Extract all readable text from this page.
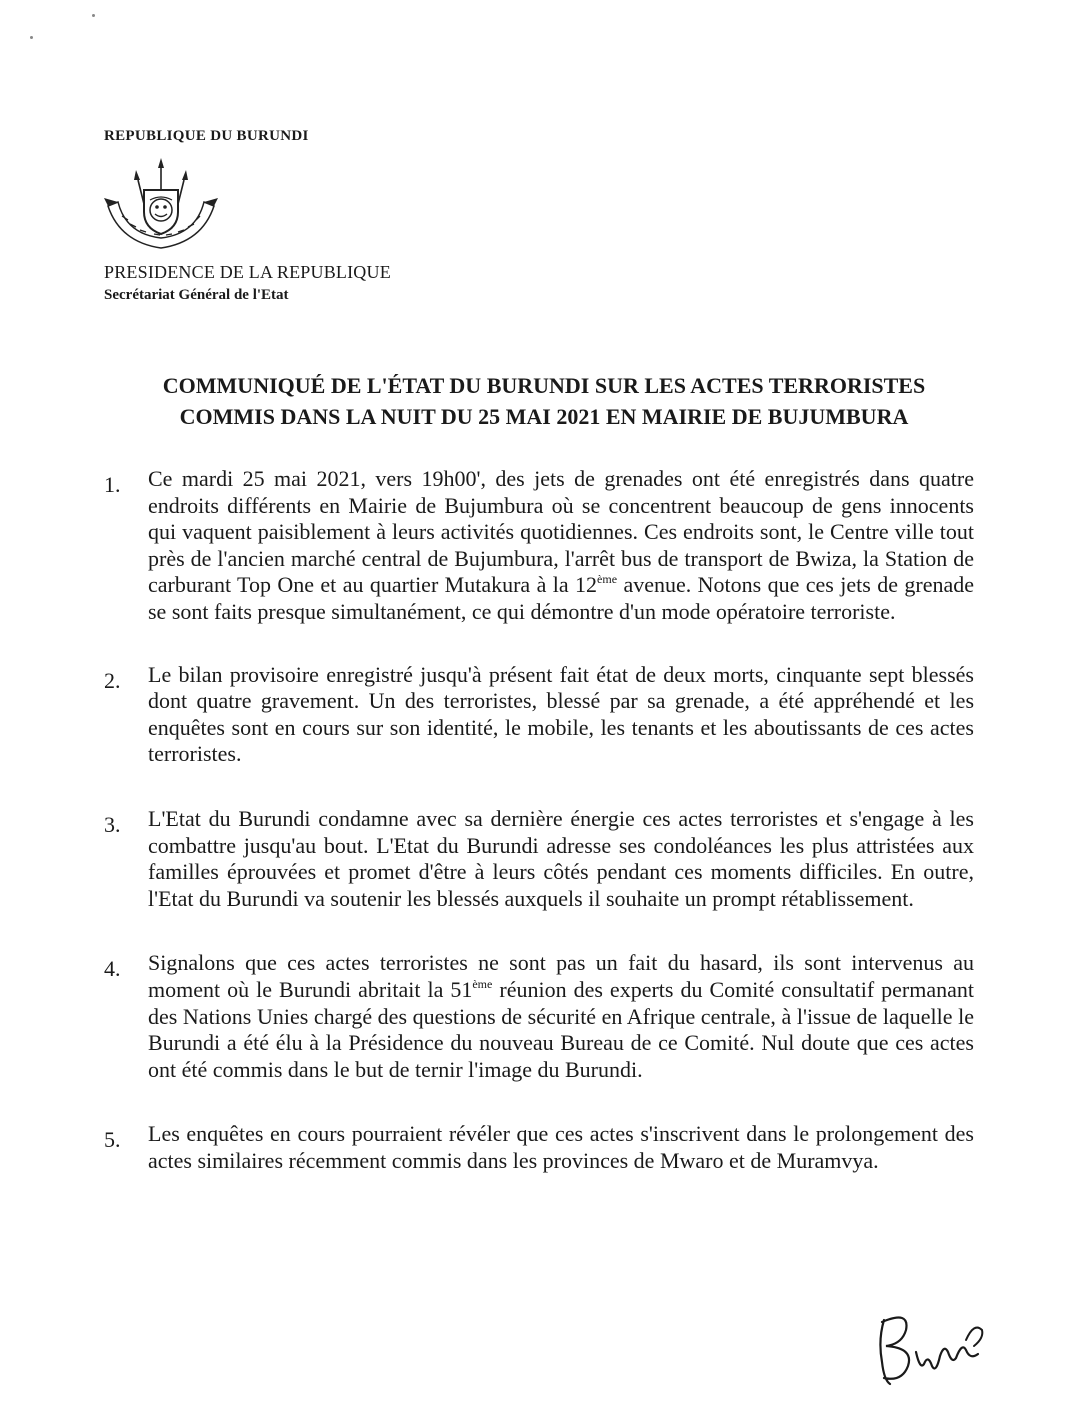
REPUBLIQUE DU BURUNDI
PRESIDENCE DE LA REPUBLIQUE
Secrétariat Général de l'Etat
COMMUNIQUÉ DE L'ÉTAT DU BURUNDI SUR LES ACTES TERRORISTES
COMMIS DANS LA NUIT DU 25 MAI 2021 EN MAIRIE DE BUJUMBURA
1.	Ce mardi 25 mai 2021, vers 19h00', des jets de grenades ont été enregistrés dans quatre endroits différents en Mairie de Bujumbura où se concentrent beaucoup de gens innocents qui vaquent paisiblement à leurs activités quotidiennes. Ces endroits sont, le Centre ville tout près de l'ancien marché central de Bujumbura, l'arrêt bus de transport de Bwiza, la Station de carburant Top One et au quartier Mutakura à la 12ème avenue. Notons que ces jets de grenade se sont faits presque simultanément, ce qui démontre d'un mode opératoire terroriste.
2.	Le bilan provisoire enregistré jusqu'à présent fait état de deux morts, cinquante sept blessés dont quatre gravement. Un des terroristes, blessé par sa grenade, a été appréhendé et les enquêtes sont en cours sur son identité, le mobile, les tenants et les aboutissants de ces actes terroristes.
3.	L'Etat du Burundi condamne avec sa dernière énergie ces actes terroristes et s'engage à les combattre jusqu'au bout. L'Etat du Burundi adresse ses condoléances les plus attristées aux familles éprouvées et promet d'être à leurs côtés pendant ces moments difficiles. En outre, l'Etat du Burundi va soutenir les blessés auxquels il souhaite un prompt rétablissement.
4.	Signalons que ces actes terroristes ne sont pas un fait du hasard, ils sont intervenus au moment où le Burundi abritait la 51ème réunion des experts du Comité consultatif permanant des Nations Unies chargé des questions de sécurité en Afrique centrale, à l'issue de laquelle le Burundi a été élu à la Présidence du nouveau Bureau de ce Comité. Nul doute que ces actes ont été commis dans le but de ternir l'image du Burundi.
5.	Les enquêtes en cours pourraient révéler que ces actes s'inscrivent dans le prolongement des actes similaires récemment commis dans les provinces de Mwaro et de Muramvya.
